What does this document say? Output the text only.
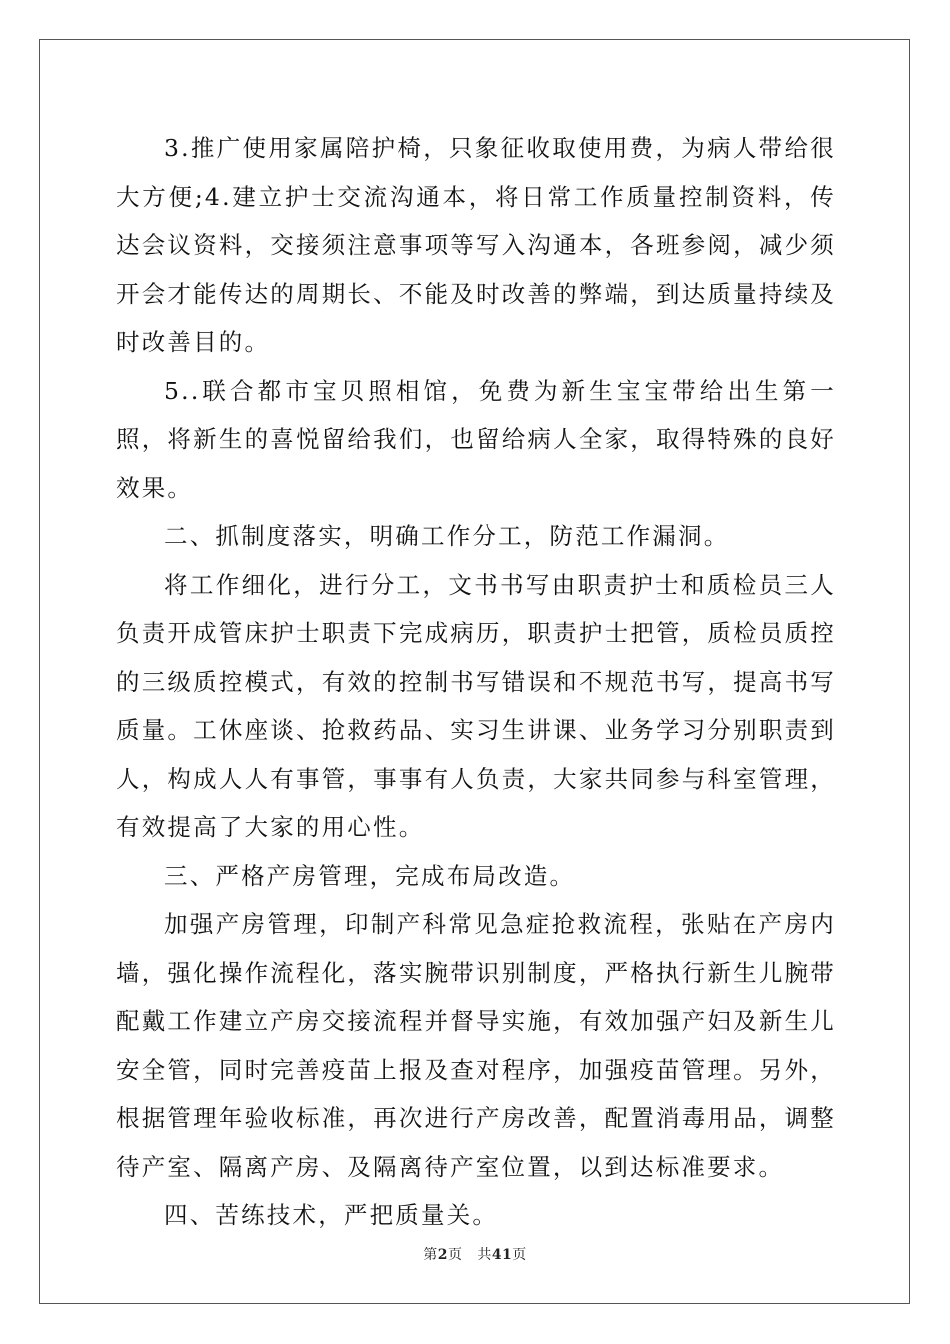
3.推广使用家属陪护椅，只象征收取使用费，为病人带给很大方便;4.建立护士交流沟通本，将日常工作质量控制资料，传达会议资料，交接须注意事项等写入沟通本，各班参阅，减少须开会才能传达的周期长、不能及时改善的弊端，到达质量持续及时改善目的。

5..联合都市宝贝照相馆，免费为新生宝宝带给出生第一照，将新生的喜悦留给我们，也留给病人全家，取得特殊的良好效果。

二、抓制度落实，明确工作分工，防范工作漏洞。

将工作细化，进行分工，文书书写由职责护士和质检员三人负责开成管床护士职责下完成病历，职责护士把管，质检员质控的三级质控模式，有效的控制书写错误和不规范书写，提高书写质量。工休座谈、抢救药品、实习生讲课、业务学习分别职责到人，构成人人有事管，事事有人负责，大家共同参与科室管理，有效提高了大家的用心性。

三、严格产房管理，完成布局改造。

加强产房管理，印制产科常见急症抢救流程，张贴在产房内墙，强化操作流程化，落实腕带识别制度，严格执行新生儿腕带配戴工作建立产房交接流程并督导实施，有效加强产妇及新生儿安全管，同时完善疫苗上报及查对程序，加强疫苗管理。另外，根据管理年验收标准，再次进行产房改善，配置消毒用品，调整待产室、隔离产房、及隔离待产室位置，以到达标准要求。

四、苦练技术，严把质量关。

第2页 共41页
